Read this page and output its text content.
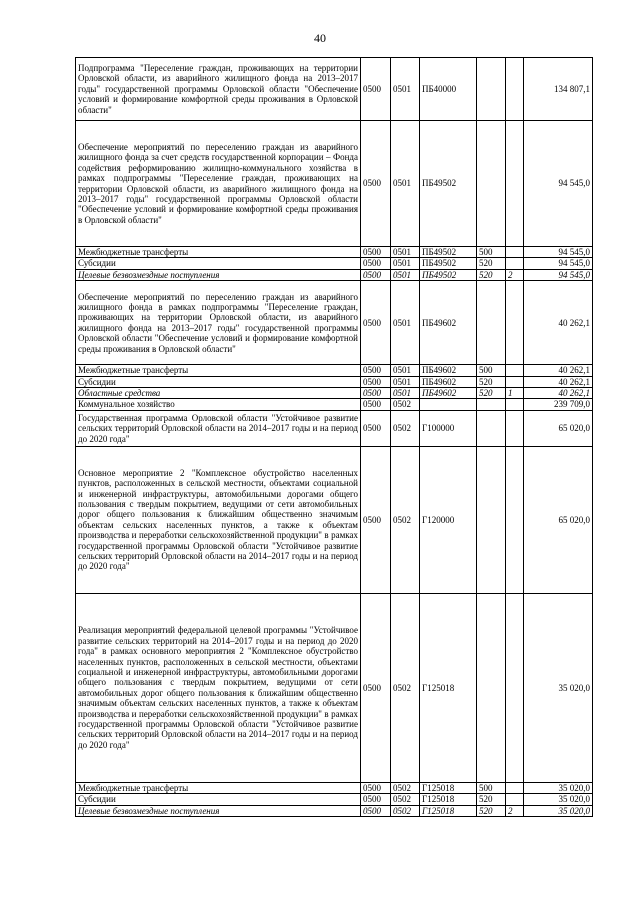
40
Подпрограмма "Переселение граждан, проживающих на территории Орловской области, из аварийного жилищного фонда на 2013–2017 годы" государственной программы Орловской области "Обеспечение условий и формирование комфортной среды проживания в Орловской области"	0500	0501	ПБ40000			134 807,1
Обеспечение мероприятий по переселению граждан из аварийного жилищного фонда за счет средств государственной корпорации – Фонда содействия реформированию жилищно-коммунального хозяйства в рамках подпрограммы "Переселение граждан, проживающих на территории Орловской области, из аварийного жилищного фонда на 2013–2017 годы" государственной программы Орловской области "Обеспечение условий и формирование комфортной среды проживания в Орловской области"	0500	0501	ПБ49502			94 545,0
Межбюджетные трансферты	0500	0501	ПБ49502	500		94 545,0
Субсидии	0500	0501	ПБ49502	520		94 545,0
Целевые безвозмездные поступления	0500	0501	ПБ49502	520	2	94 545,0
Обеспечение мероприятий по переселению граждан из аварийного жилищного фонда в рамках подпрограммы "Переселение граждан, проживающих на территории Орловской области, из аварийного жилищного фонда на 2013–2017 годы" государственной программы Орловской области "Обеспечение условий и формирование комфортной среды проживания в Орловской области"	0500	0501	ПБ49602			40 262,1
Межбюджетные трансферты	0500	0501	ПБ49602	500		40 262,1
Субсидии	0500	0501	ПБ49602	520		40 262,1
Областные средства	0500	0501	ПБ49602	520	1	40 262,1
Коммунальное хозяйство	0500	0502				239 709,0
Государственная программа Орловской области "Устойчивое развитие сельских территорий Орловской области на 2014–2017 годы и на период до 2020 года"	0500	0502	Г100000			65 020,0
Основное мероприятие 2 "Комплексное обустройство населенных пунктов, расположенных в сельской местности, объектами социальной и инженерной инфраструктуры, автомобильными дорогами общего пользования с твердым покрытием, ведущими от сети автомобильных дорог общего пользования к ближайшим общественно значимым объектам сельских населенных пунктов, а также к объектам производства и переработки сельскохозяйственной продукции" в рамках государственной программы Орловской области "Устойчивое развитие сельских территорий Орловской области на 2014–2017 годы и на период до 2020 года"	0500	0502	Г120000			65 020,0
Реализация мероприятий федеральной целевой программы "Устойчивое развитие сельских территорий на 2014–2017 годы и на период до 2020 года" в рамках основного мероприятия 2 "Комплексное обустройство населенных пунктов, расположенных в сельской местности, объектами социальной и инженерной инфраструктуры, автомобильными дорогами общего пользования с твердым покрытием, ведущими от сети автомобильных дорог общего пользования к ближайшим общественно значимым объектам сельских населенных пунктов, а также к объектам производства и переработки сельскохозяйственной продукции" в рамках государственной программы Орловской области "Устойчивое развитие сельских территорий Орловской области на 2014–2017 годы и на период до 2020 года"	0500	0502	Г125018			35 020,0
Межбюджетные трансферты	0500	0502	Г125018	500		35 020,0
Субсидии	0500	0502	Г125018	520		35 020,0
Целевые безвозмездные поступления	0500	0502	Г125018	520	2	35 020,0
